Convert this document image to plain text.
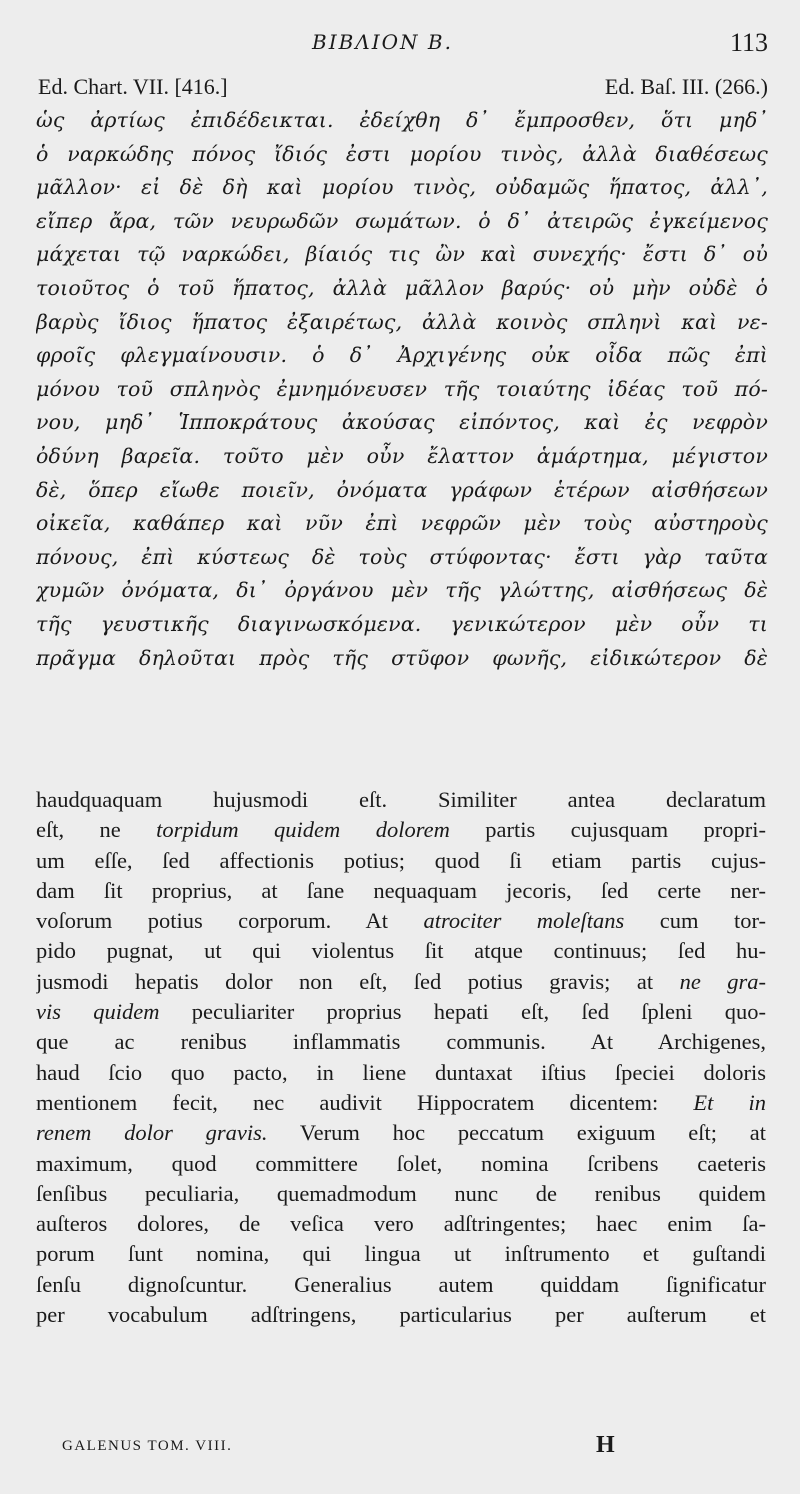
BIBΛION B.	113
Ed. Chart. VII. [416.]	Ed. Baſ. III. (266.)
ὡς ἀρτίως ἐπιδέδεικται. ἐδείχθη δ᾽ ἔμπροσθεν, ὅτι μηδ᾽
ὁ ναρκώδης πόνος ἴδιός ἐστι μορίου τινὸς, ἀλλὰ διαθέσεως
μᾶλλον· εἰ δὲ δὴ καὶ μορίου τινὸς, οὐδαμῶς ἥπατος, ἀλλ᾽,
εἴπερ ἄρα, τῶν νευρωδῶν σωμάτων. ὁ δ᾽ ἀτειρῶς ἐγκείμενος
μάχεται τῷ ναρκώδει, βίαιός τις ὢν καὶ συνεχής· ἔστι δ᾽ οὐ
τοιοῦτος ὁ τοῦ ἥπατος, ἀλλὰ μᾶλλον βαρύς· οὐ μὴν οὐδὲ ὁ
βαρὺς ἴδιος ἥπατος ἐξαιρέτως, ἀλλὰ κοινὸς σπληνὶ καὶ νε-
φροῖς φλεγμαίνουσιν. ὁ δ᾽ Ἀρχιγένης οὐκ οἶδα πῶς ἐπὶ
μόνου τοῦ σπληνὸς ἐμνημόνευσεν τῆς τοιαύτης ἰδέας τοῦ πό-
νου, μηδ᾽ Ἱπποκράτους ἀκούσας εἰπόντος, καὶ ἐς νεφρὸν
ὀδύνη βαρεῖα. τοῦτο μὲν οὖν ἔλαττον ἁμάρτημα, μέγιστον
δὲ, ὅπερ εἴωθε ποιεῖν, ὀνόματα γράφων ἑτέρων αἰσθήσεων
οἰκεῖα, καθάπερ καὶ νῦν ἐπὶ νεφρῶν μὲν τοὺς αὐστηροὺς
πόνους, ἐπὶ κύστεως δὲ τοὺς στύφοντας· ἔστι γὰρ ταῦτα
χυμῶν ὀνόματα, δι᾽ ὀργάνου μὲν τῆς γλώττης, αἰσθήσεως δὲ
τῆς γευστικῆς διαγινωσκόμενα. γενικώτερον μὲν οὖν τι
πρᾶγμα δηλοῦται πρὸς τῆς στῦφον φωνῆς, εἰδικώτερον δὲ
haudquaquam hujusmodi eſt. Similiter antea declaratum
eſt, ne torpidum quidem dolorem partis cujusquam propri-
um eſſe, ſed affectionis potius; quod ſi etiam partis cujus-
dam ſit proprius, at ſane nequaquam jecoris, ſed certe ner-
voſorum potius corporum. At atrociter moleſtans cum tor-
pido pugnat, ut qui violentus ſit atque continuus; ſed hu-
jusmodi hepatis dolor non eſt, ſed potius gravis; at ne gra-
vis quidem peculiariter proprius hepati eſt, ſed ſpleni quo-
que ac renibus inflammatis communis. At Archigenes,
haud ſcio quo pacto, in liene duntaxat iſtius ſpeciei doloris
mentionem fecit, nec audivit Hippocratem dicentem: Et in
renem dolor gravis. Verum hoc peccatum exiguum eſt; at
maximum, quod committere ſolet, nomina ſcribens caeteris
ſenſibus peculiaria, quemadmodum nunc de renibus quidem
auſteros dolores, de veſica vero adſtringentes; haec enim ſa-
porum ſunt nomina, qui lingua ut inſtrumento et guſtandi
ſenſu dignoſcuntur. Generalius autem quiddam ſignificatur
per vocabulum adſtringens, particularius per auſterum et
GALENUS TOM. VIII.	H
